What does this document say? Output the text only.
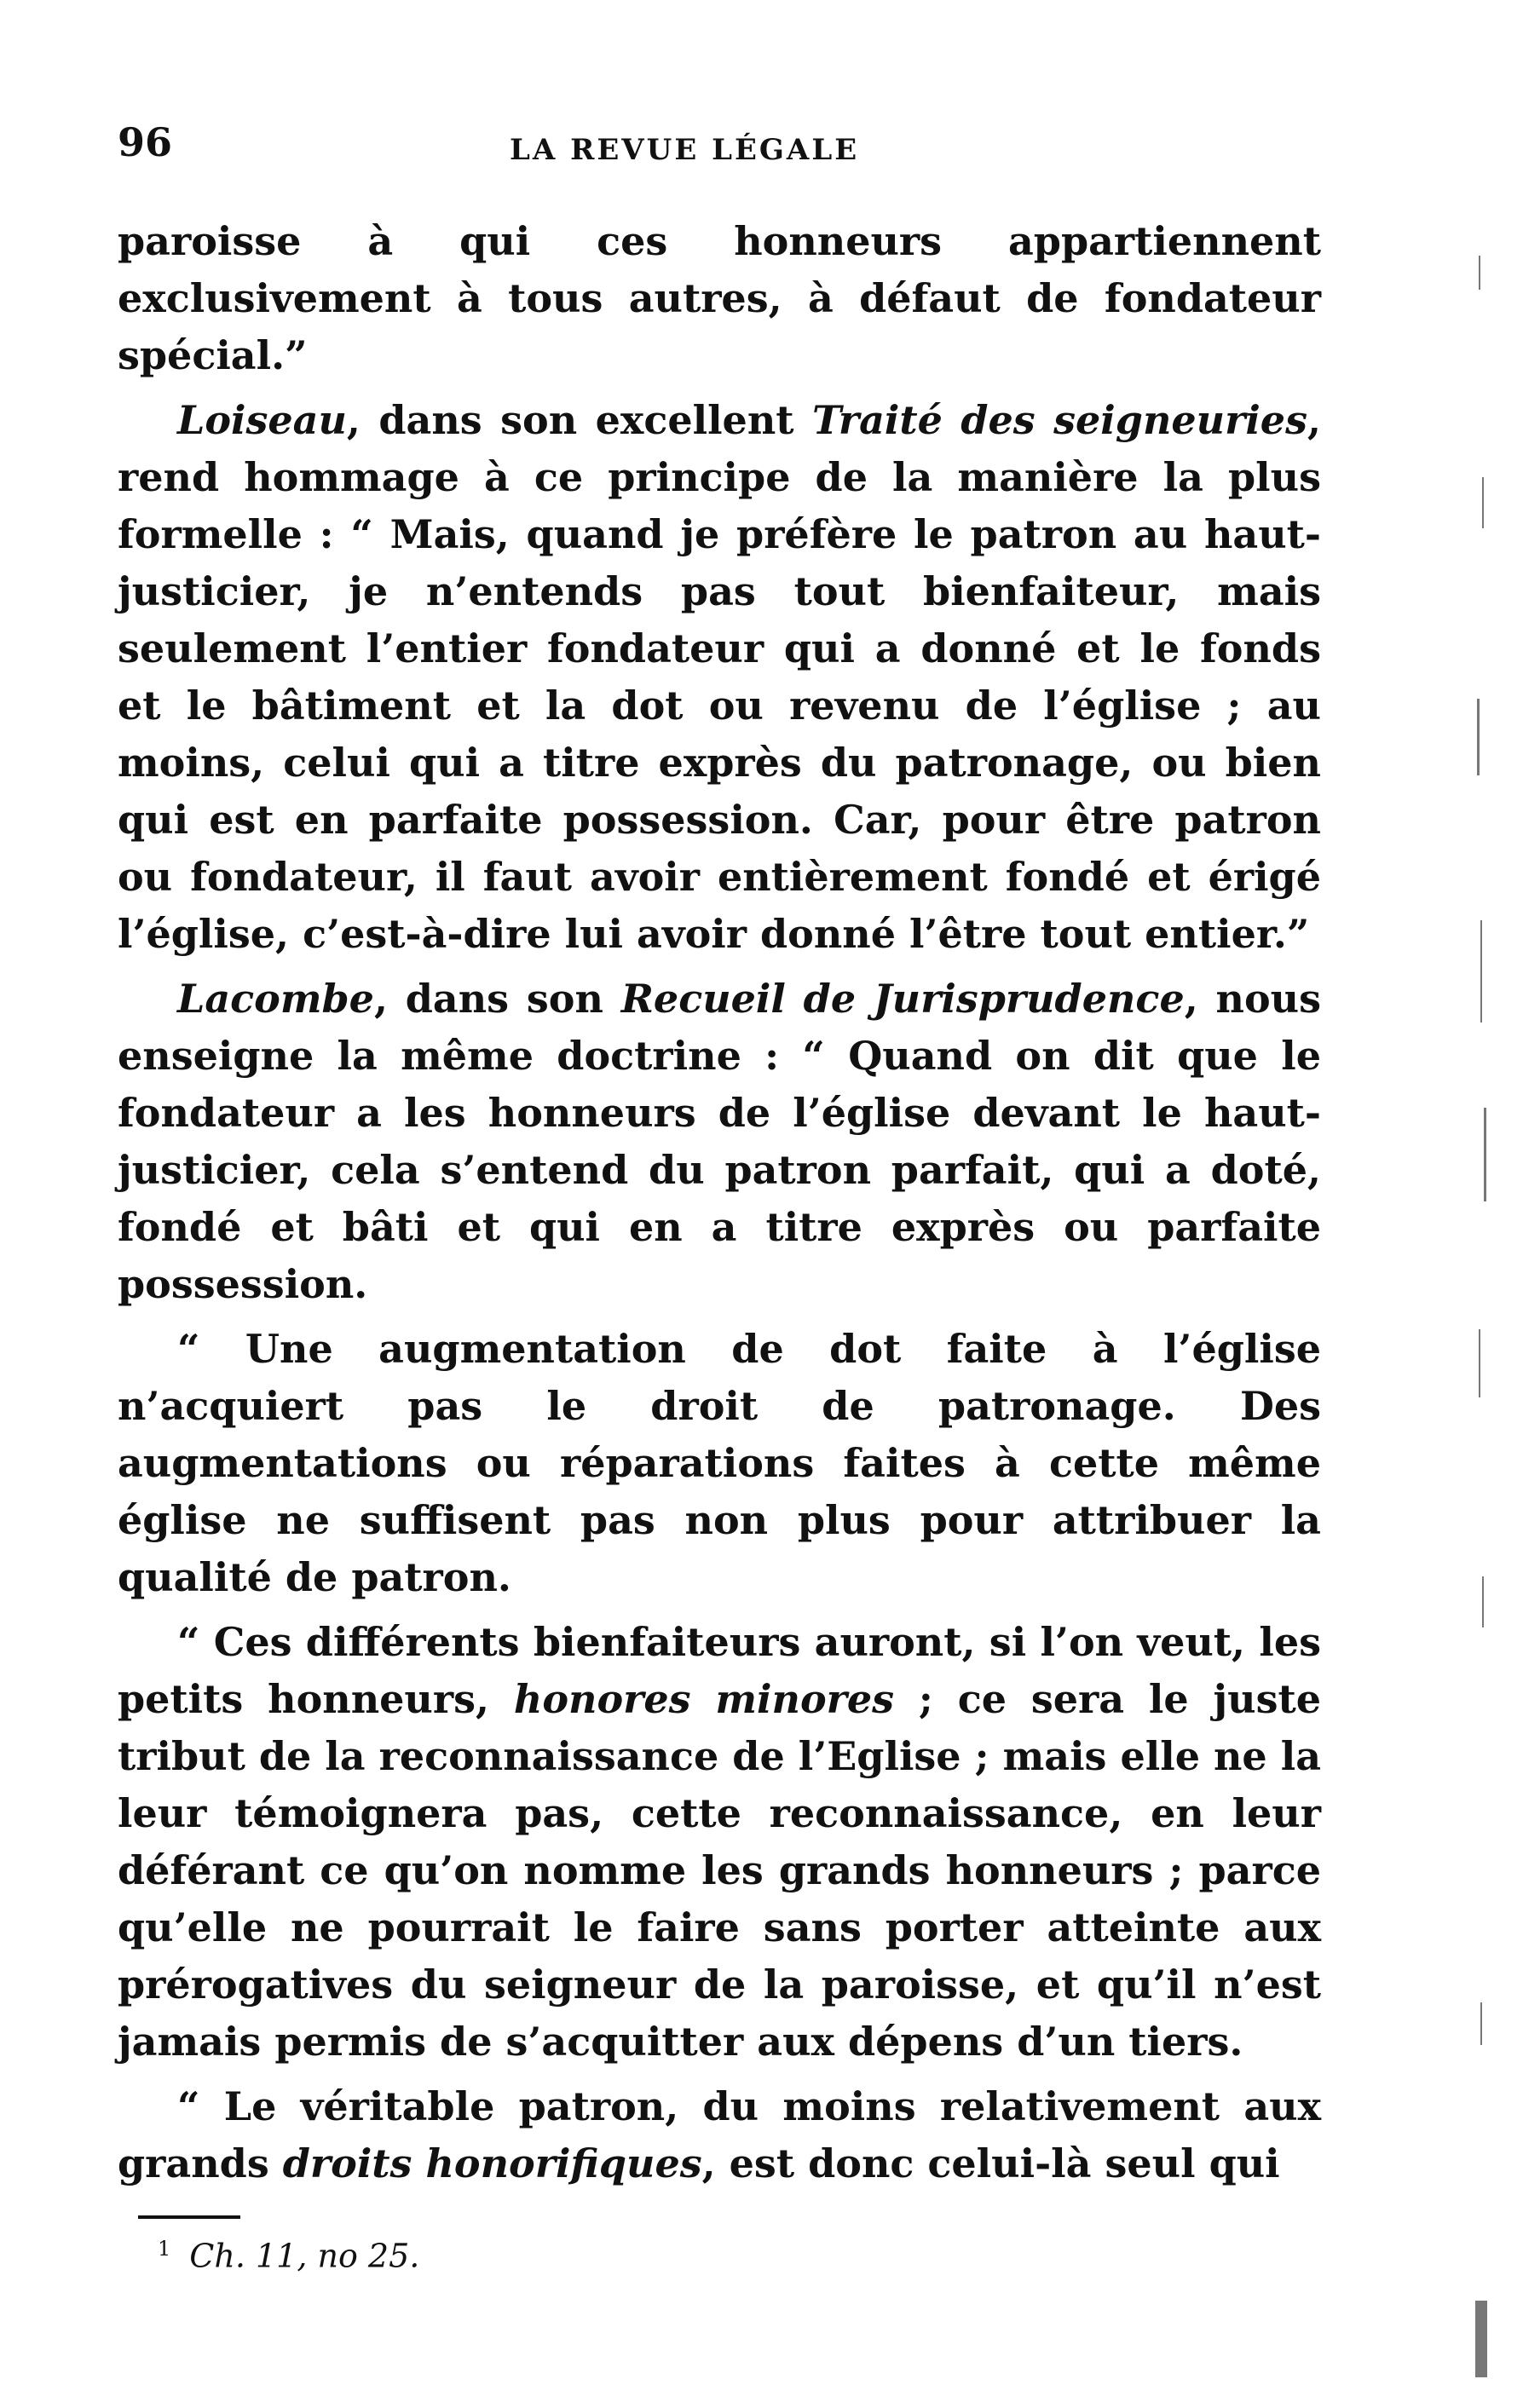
96	LA REVUE LÉGALE

paroisse à qui ces honneurs appartiennent exclusivement à tous autres, à défaut de fondateur spécial.”

Loiseau, dans son excellent Traité des seigneuries, rend hommage à ce principe de la manière la plus formelle : “ Mais, quand je préfère le patron au haut-justicier, je n’entends pas tout bienfaiteur, mais seulement l’entier fondateur qui a donné et le fonds et le bâtiment et la dot ou revenu de l’église ; au moins, celui qui a titre exprès du patronage, ou bien qui est en parfaite possession. Car, pour être patron ou fondateur, il faut avoir entièrement fondé et érigé l’église, c’est-à-dire lui avoir donné l’être tout entier.”

Lacombe, dans son Recueil de Jurisprudence, nous enseigne la même doctrine : “ Quand on dit que le fondateur a les honneurs de l’église devant le haut-justicier, cela s’entend du patron parfait, qui a doté, fondé et bâti et qui en a titre exprès ou parfaite possession.

“ Une augmentation de dot faite à l’église n’acquiert pas le droit de patronage. Des augmentations ou réparations faites à cette même église ne suffisent pas non plus pour attribuer la qualité de patron.

“ Ces différents bienfaiteurs auront, si l’on veut, les petits honneurs, honores minores ; ce sera le juste tribut de la reconnaissance de l’Eglise ; mais elle ne la leur témoignera pas, cette reconnaissance, en leur déférant ce qu’on nomme les grands honneurs ; parce qu’elle ne pourrait le faire sans porter atteinte aux prérogatives du seigneur de la paroisse, et qu’il n’est jamais permis de s’acquitter aux dépens d’un tiers.

“ Le véritable patron, du moins relativement aux grands droits honorifiques, est donc celui-là seul qui

$^1$ Ch. 11, no 25.
